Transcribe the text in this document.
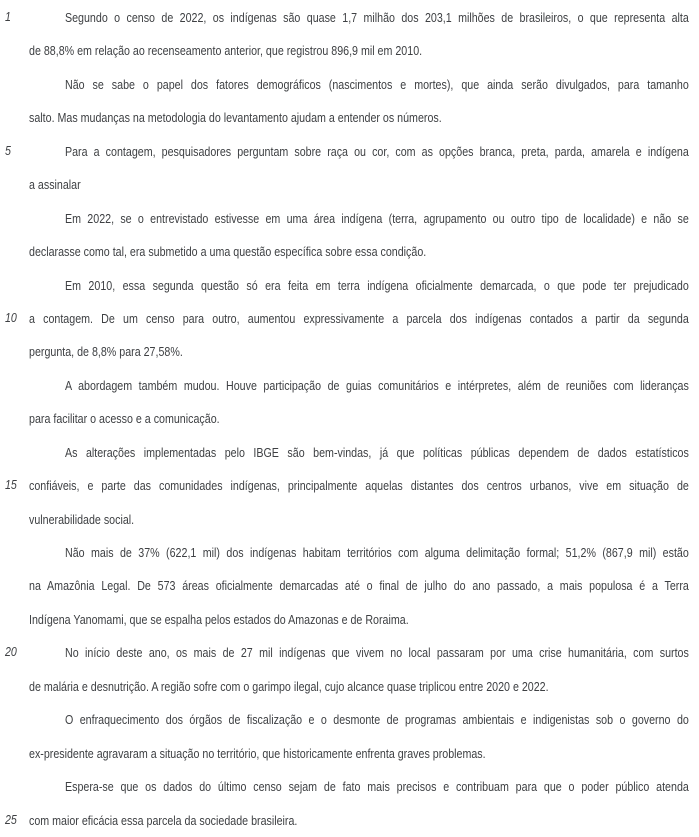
1	Segundo o censo de 2022, os indígenas são quase 1,7 milhão dos 203,1 milhões de brasileiros, o que representa alta
de 88,8% em relação ao recenseamento anterior, que registrou 896,9 mil em 2010.
Não se sabe o papel dos fatores demográficos (nascimentos e mortes), que ainda serão divulgados, para tamanho
salto. Mas mudanças na metodologia do levantamento ajudam a entender os números.
5	Para a contagem, pesquisadores perguntam sobre raça ou cor, com as opções branca, preta, parda, amarela e indígena
a assinalar
Em 2022, se o entrevistado estivesse em uma área indígena (terra, agrupamento ou outro tipo de localidade) e não se
declarasse como tal, era submetido a uma questão específica sobre essa condição.
Em 2010, essa segunda questão só era feita em terra indígena oficialmente demarcada, o que pode ter prejudicado
10 a contagem. De um censo para outro, aumentou expressivamente a parcela dos indígenas contados a partir da segunda
pergunta, de 8,8% para 27,58%.
A abordagem também mudou. Houve participação de guias comunitários e intérpretes, além de reuniões com lideranças
para facilitar o acesso e a comunicação.
As alterações implementadas pelo IBGE são bem-vindas, já que políticas públicas dependem de dados estatísticos
15 confiáveis, e parte das comunidades indígenas, principalmente aquelas distantes dos centros urbanos, vive em situação de
vulnerabilidade social.
Não mais de 37% (622,1 mil) dos indígenas habitam territórios com alguma delimitação formal; 51,2% (867,9 mil) estão
na Amazônia Legal. De 573 áreas oficialmente demarcadas até o final de julho do ano passado, a mais populosa é a Terra
Indígena Yanomami, que se espalha pelos estados do Amazonas e de Roraima.
20	No início deste ano, os mais de 27 mil indígenas que vivem no local passaram por uma crise humanitária, com surtos
de malária e desnutrição. A região sofre com o garimpo ilegal, cujo alcance quase triplicou entre 2020 e 2022.
O enfraquecimento dos órgãos de fiscalização e o desmonte de programas ambientais e indigenistas sob o governo do
ex-presidente agravaram a situação no território, que historicamente enfrenta graves problemas.
Espera-se que os dados do último censo sejam de fato mais precisos e contribuam para que o poder público atenda
25 com maior eficácia essa parcela da sociedade brasileira.
